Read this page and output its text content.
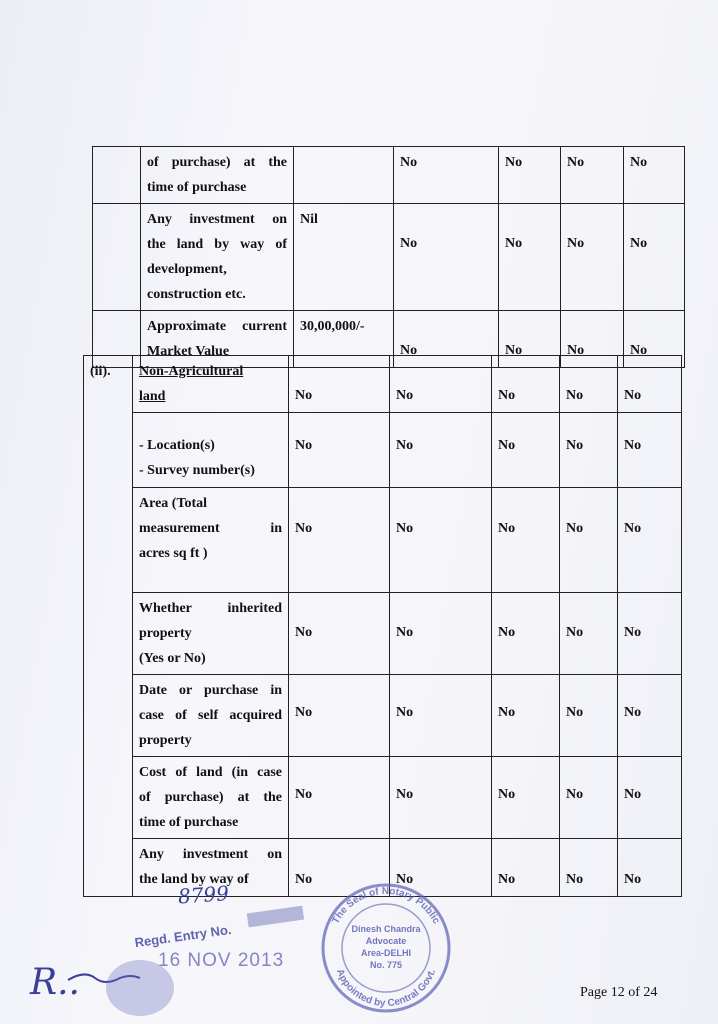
	of purchase) at the
time of purchase		No	No	No	No

	Any investment on
the land by way of
development,
construction etc.	Nil	No	No	No	No

	Approximate current
Market Value	30,00,000/-	No	No	No	No
(ii).	Non-Agricultural
land	No	No	No	No	No

	- Location(s)
- Survey number(s)	No	No	No	No	No

	Area (Total
measurement in
acres sq ft )	No	No	No	No	No

	Whether inherited
property
(Yes or No)	No	No	No	No	No

	Date or purchase in
case of self acquired
property	No	No	No	No	No

	Cost of land (in case
of purchase) at the
time of purchase	No	No	No	No	No

	Any investment on
the land by way of	No	No	No	No	No
8799
Regd. Entry No.
16 NOV 2013
The Seal of Notary Public
Appointed by Central Govt.
Dinesh Chandra
Advocate
Area-DELHI
No. 775
R..	Page 12 of 24
